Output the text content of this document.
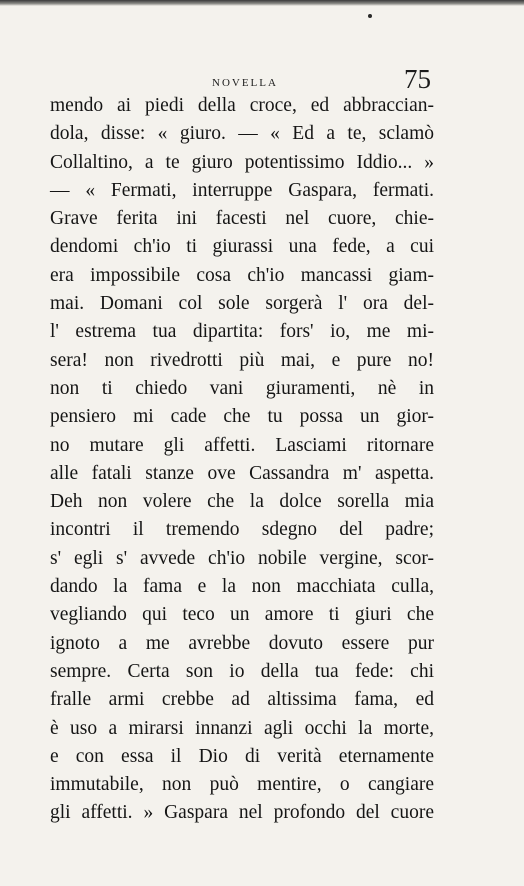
NOVELLA	75
mendo ai piedi della croce, ed abbraccian-
dola, disse: « giuro. — « Ed a te, sclamò
Collaltino, a te giuro potentissimo Iddio... »
— « Fermati, interruppe Gaspara, fermati.
Grave ferita ini facesti nel cuore, chie-
dendomi ch'io ti giurassi una fede, a cui
era impossibile cosa ch'io mancassi giam-
mai. Domani col sole sorgerà l' ora del-
l' estrema tua dipartita: fors' io, me mi-
sera! non rivedrotti più mai, e pure no!
non ti chiedo vani giuramenti, nè in
pensiero mi cade che tu possa un gior-
no mutare gli affetti. Lasciami ritornare
alle fatali stanze ove Cassandra m' aspetta.
Deh non volere che la dolce sorella mia
incontri il tremendo sdegno del padre;
s' egli s' avvede ch'io nobile vergine, scor-
dando la fama e la non macchiata culla,
vegliando qui teco un amore ti giuri che
ignoto a me avrebbe dovuto essere pur
sempre. Certa son io della tua fede: chi
fralle armi crebbe ad altissima fama, ed
è uso a mirarsi innanzi agli occhi la morte,
e con essa il Dio di verità eternamente
immutabile, non può mentire, o cangiare
gli affetti. » Gaspara nel profondo del cuore
